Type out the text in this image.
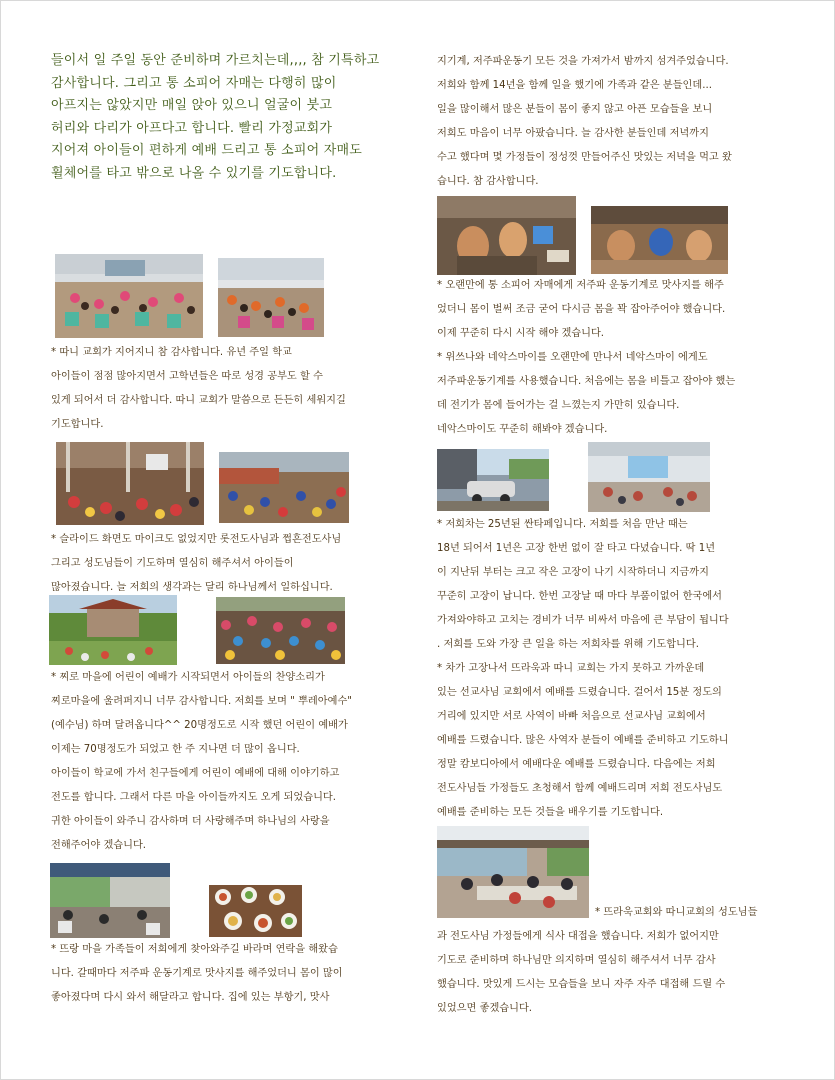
들이서 일 주일 동안 준비하며 가르치는데,,,, 참 기특하고

감사합니다. 그리고 통 소피어 자매는 다행히 많이

아프지는 않았지만 매일 앉아 있으니 얼굴이 붓고

허리와 다리가 아프다고 합니다. 빨리 가정교회가

지어져 아이들이 편하게 예배 드리고 통 소피어 자매도

휠체어를 타고 밖으로 나올 수 있기를 기도합니다.

* 따니 교회가 지어지니 참 감사합니다. 유년 주일 학교

아이들이 점점 많아지면서 고학년들은 따로 성경 공부도 할 수

있게 되어서 더 감사합니다. 따니 교회가 말씀으로 든든히 세워지길

기도합니다.

* 슬라이드 화면도 마이크도 없었지만 롯전도사님과 쩝흔전도사님

그리고 성도님들이 기도하며 열심히 해주셔서 아이들이

많아졌습니다. 늘 저희의 생각과는 달리 하나님께서 일하십니다.

* 찌로 마을에 어린이 예배가 시작되면서 아이들의 찬양소리가

찌로마을에 울려퍼지니 너무 감사합니다. 저희를 보며 " 뿌레아예수"

(예수님) 하며 달려옵니다^^ 20명정도로 시작 했던 어린이 예배가

이제는 70명정도가 되었고 한 주 지나면 더 많이 옵니다.

아이들이 학교에 가서 친구들에게 어린이 예배에 대해 이야기하고

전도를 합니다. 그래서 다른 마을 아이들까지도 오게 되었습니다.

귀한 아이들이 와주니 감사하며 더 사랑해주며 하나님의 사랑을

전해주어야 겠습니다.

* 뜨랑 마을 가족들이 저희에게 찾아와주길 바라며 연락을 해왔습

니다. 갈때마다 저주파 운동기계로 맛사지를 해주었더니 몸이 많이

좋아졌다며 다시 와서 해달라고 합니다. 집에 있는 부항기, 맛사

지기계, 저주파운동기 모든 것을 가져가서 밤까지 섬겨주었습니다.

저희와 함께 14년을 함께 일을 했기에 가족과 같은 분들인데...

일을 많이해서 많은 분들이 몸이 좋지 않고 아픈 모습들을 보니

저희도 마음이 너무 아팠습니다. 늘 감사한 분들인데 저녁까지

수고 했다며 몇 가정들이 정성껏 만들어주신 맛있는 저녁을 먹고 왔

습니다. 참 감사합니다.

* 오랜만에 통 소피어 자매에게 저주파 운동기계로 맛사지를 해주

었더니 몸이 벌써 조금 굳어 다시금 몸을 꽉 잡아주어야 했습니다.

이제 꾸준히 다시 시작 해야 겠습니다.

* 위쓰나와 네악스마이를 오랜만에 만나서 네악스마이 에게도

저주파운동기계를 사용했습니다. 처음에는 몸을 비틀고 잡아야 했는

데 전기가 몸에 들어가는 걸 느꼈는지 가만히 있습니다.

네악스마이도 꾸준히 해봐야 겠습니다.

* 저희차는 25년된 싼타페입니다. 저희를 처음 만난 때는

18년 되어서 1년은 고장 한번 없이 잘 타고 다녔습니다. 딱 1년

이 지난뒤 부터는 크고 작은 고장이 나기 시작하더니 지금까지

꾸준히 고장이 납니다. 한번 고장날 때 마다 부품이없어 한국에서

가져와야하고 고치는 경비가 너무 비싸서 마음에 큰 부담이 됩니다

. 저희를 도와 가장 큰 일을 하는 저희차를 위해 기도합니다.

* 차가 고장나서 뜨라욱과 따니 교회는 가지 못하고 가까운데

있는 선교사님 교회에서 예배를 드렸습니다. 걸어서 15분 정도의

거리에 있지만 서로 사역이 바빠 처음으로 선교사님 교회에서

예배를 드렸습니다. 많은 사역자 분들이 예배를 준비하고 기도하니

정말 캄보디아에서 예배다운 예배를 드렸습니다. 다음에는 저희

전도사님들 가정들도 초청해서 함께 예배드리며 저희 전도사님도

예배를 준비하는 모든 것들을 배우기를 기도합니다.

* 뜨라욱교회와 따니교회의 성도님들

과 전도사님 가정들에게 식사 대접을 했습니다. 저희가 없어지만

기도로 준비하며 하나님만 의지하며 열심히 해주셔서 너무 감사

했습니다. 맛있게 드시는 모습들을 보니 자주 자주 대접해 드릴 수

있었으면 좋겠습니다.
